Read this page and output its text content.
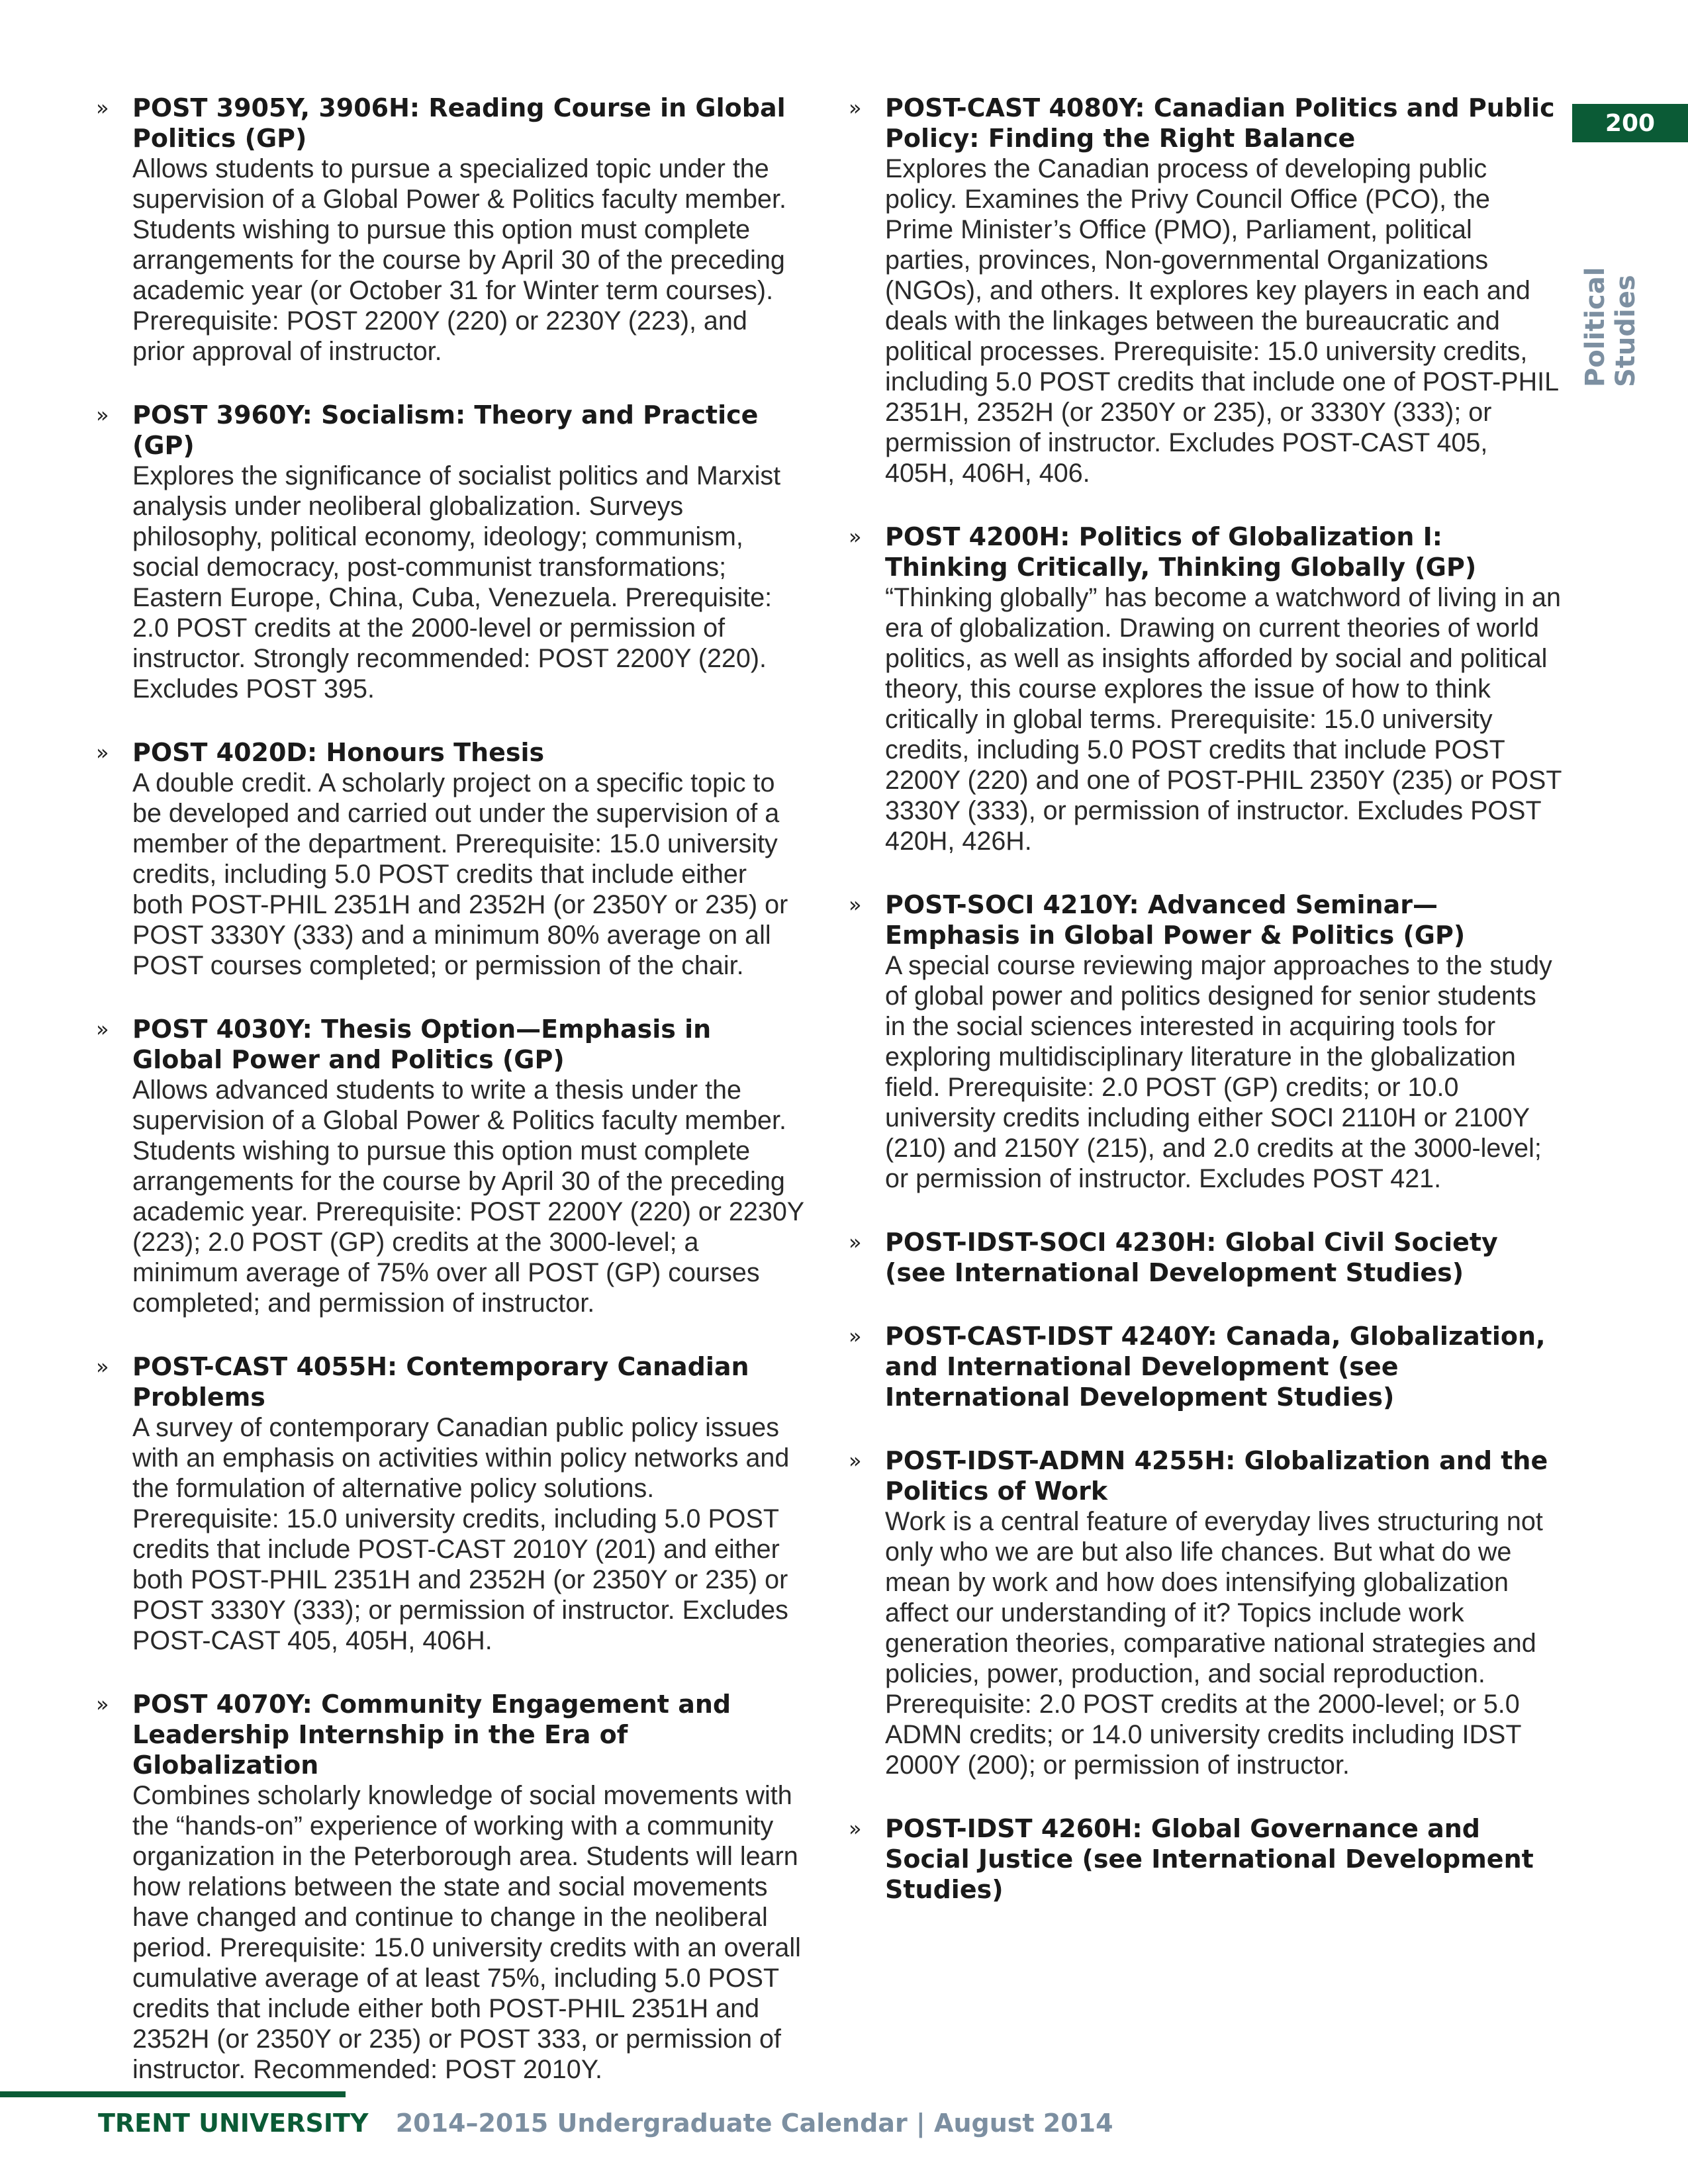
200
Political Studies
» POST 3905Y, 3906H: Reading Course in Global Politics (GP)
Allows students to pursue a specialized topic under the supervision of a Global Power & Politics faculty member. Students wishing to pursue this option must complete arrangements for the course by April 30 of the preceding academic year (or October 31 for Winter term courses). Prerequisite: POST 2200Y (220) or 2230Y (223), and prior approval of instructor.
» POST 3960Y: Socialism: Theory and Practice (GP)
Explores the significance of socialist politics and Marxist analysis under neoliberal globalization. Surveys philosophy, political economy, ideology; communism, social democracy, post-communist transformations; Eastern Europe, China, Cuba, Venezuela. Prerequisite: 2.0 POST credits at the 2000-level or permission of instructor. Strongly recommended: POST 2200Y (220). Excludes POST 395.
» POST 4020D: Honours Thesis
A double credit. A scholarly project on a specific topic to be developed and carried out under the supervision of a member of the department. Prerequisite: 15.0 university credits, including 5.0 POST credits that include either both POST-PHIL 2351H and 2352H (or 2350Y or 235) or POST 3330Y (333) and a minimum 80% average on all POST courses completed; or permission of the chair.
» POST 4030Y: Thesis Option—Emphasis in Global Power and Politics (GP)
Allows advanced students to write a thesis under the supervision of a Global Power & Politics faculty member. Students wishing to pursue this option must complete arrangements for the course by April 30 of the preceding academic year. Prerequisite: POST 2200Y (220) or 2230Y (223); 2.0 POST (GP) credits at the 3000-level; a minimum average of 75% over all POST (GP) courses completed; and permission of instructor.
» POST-CAST 4055H: Contemporary Canadian Problems
A survey of contemporary Canadian public policy issues with an emphasis on activities within policy networks and the formulation of alternative policy solutions. Prerequisite: 15.0 university credits, including 5.0 POST credits that include POST-CAST 2010Y (201) and either both POST-PHIL 2351H and 2352H (or 2350Y or 235) or POST 3330Y (333); or permission of instructor. Excludes POST-CAST 405, 405H, 406H.
» POST 4070Y: Community Engagement and Leadership Internship in the Era of Globalization
Combines scholarly knowledge of social movements with the “hands-on” experience of working with a community organization in the Peterborough area. Students will learn how relations between the state and social movements have changed and continue to change in the neoliberal period. Prerequisite: 15.0 university credits with an overall cumulative average of at least 75%, including 5.0 POST credits that include either both POST-PHIL 2351H and 2352H (or 2350Y or 235) or POST 333, or permission of instructor. Recommended: POST 2010Y.
» POST-CAST 4080Y: Canadian Politics and Public Policy: Finding the Right Balance
Explores the Canadian process of developing public policy. Examines the Privy Council Office (PCO), the Prime Minister’s Office (PMO), Parliament, political parties, provinces, Non-governmental Organizations (NGOs), and others. It explores key players in each and deals with the linkages between the bureaucratic and political processes. Prerequisite: 15.0 university credits, including 5.0 POST credits that include one of POST-PHIL 2351H, 2352H (or 2350Y or 235), or 3330Y (333); or permission of instructor. Excludes POST-CAST 405, 405H, 406H, 406.
» POST 4200H: Politics of Globalization I: Thinking Critically, Thinking Globally (GP)
“Thinking globally” has become a watchword of living in an era of globalization. Drawing on current theories of world politics, as well as insights afforded by social and political theory, this course explores the issue of how to think critically in global terms. Prerequisite: 15.0 university credits, including 5.0 POST credits that include POST 2200Y (220) and one of POST-PHIL 2350Y (235) or POST 3330Y (333), or permission of instructor. Excludes POST 420H, 426H.
» POST-SOCI 4210Y: Advanced Seminar—Emphasis in Global Power & Politics (GP)
A special course reviewing major approaches to the study of global power and politics designed for senior students in the social sciences interested in acquiring tools for exploring multidisciplinary literature in the globalization field. Prerequisite: 2.0 POST (GP) credits; or 10.0 university credits including either SOCI 2110H or 2100Y (210) and 2150Y (215), and 2.0 credits at the 3000-level; or permission of instructor. Excludes POST 421.
» POST-IDST-SOCI 4230H: Global Civil Society (see International Development Studies)
» POST-CAST-IDST 4240Y: Canada, Globalization, and International Development (see International Development Studies)
» POST-IDST-ADMN 4255H: Globalization and the Politics of Work
Work is a central feature of everyday lives structuring not only who we are but also life chances. But what do we mean by work and how does intensifying globalization affect our understanding of it? Topics include work generation theories, comparative national strategies and policies, power, production, and social reproduction. Prerequisite: 2.0 POST credits at the 2000-level; or 5.0 ADMN credits; or 14.0 university credits including IDST 2000Y (200); or permission of instructor.
» POST-IDST 4260H: Global Governance and Social Justice (see International Development Studies)
TRENT UNIVERSITY 2014–2015 Undergraduate Calendar | August 2014
